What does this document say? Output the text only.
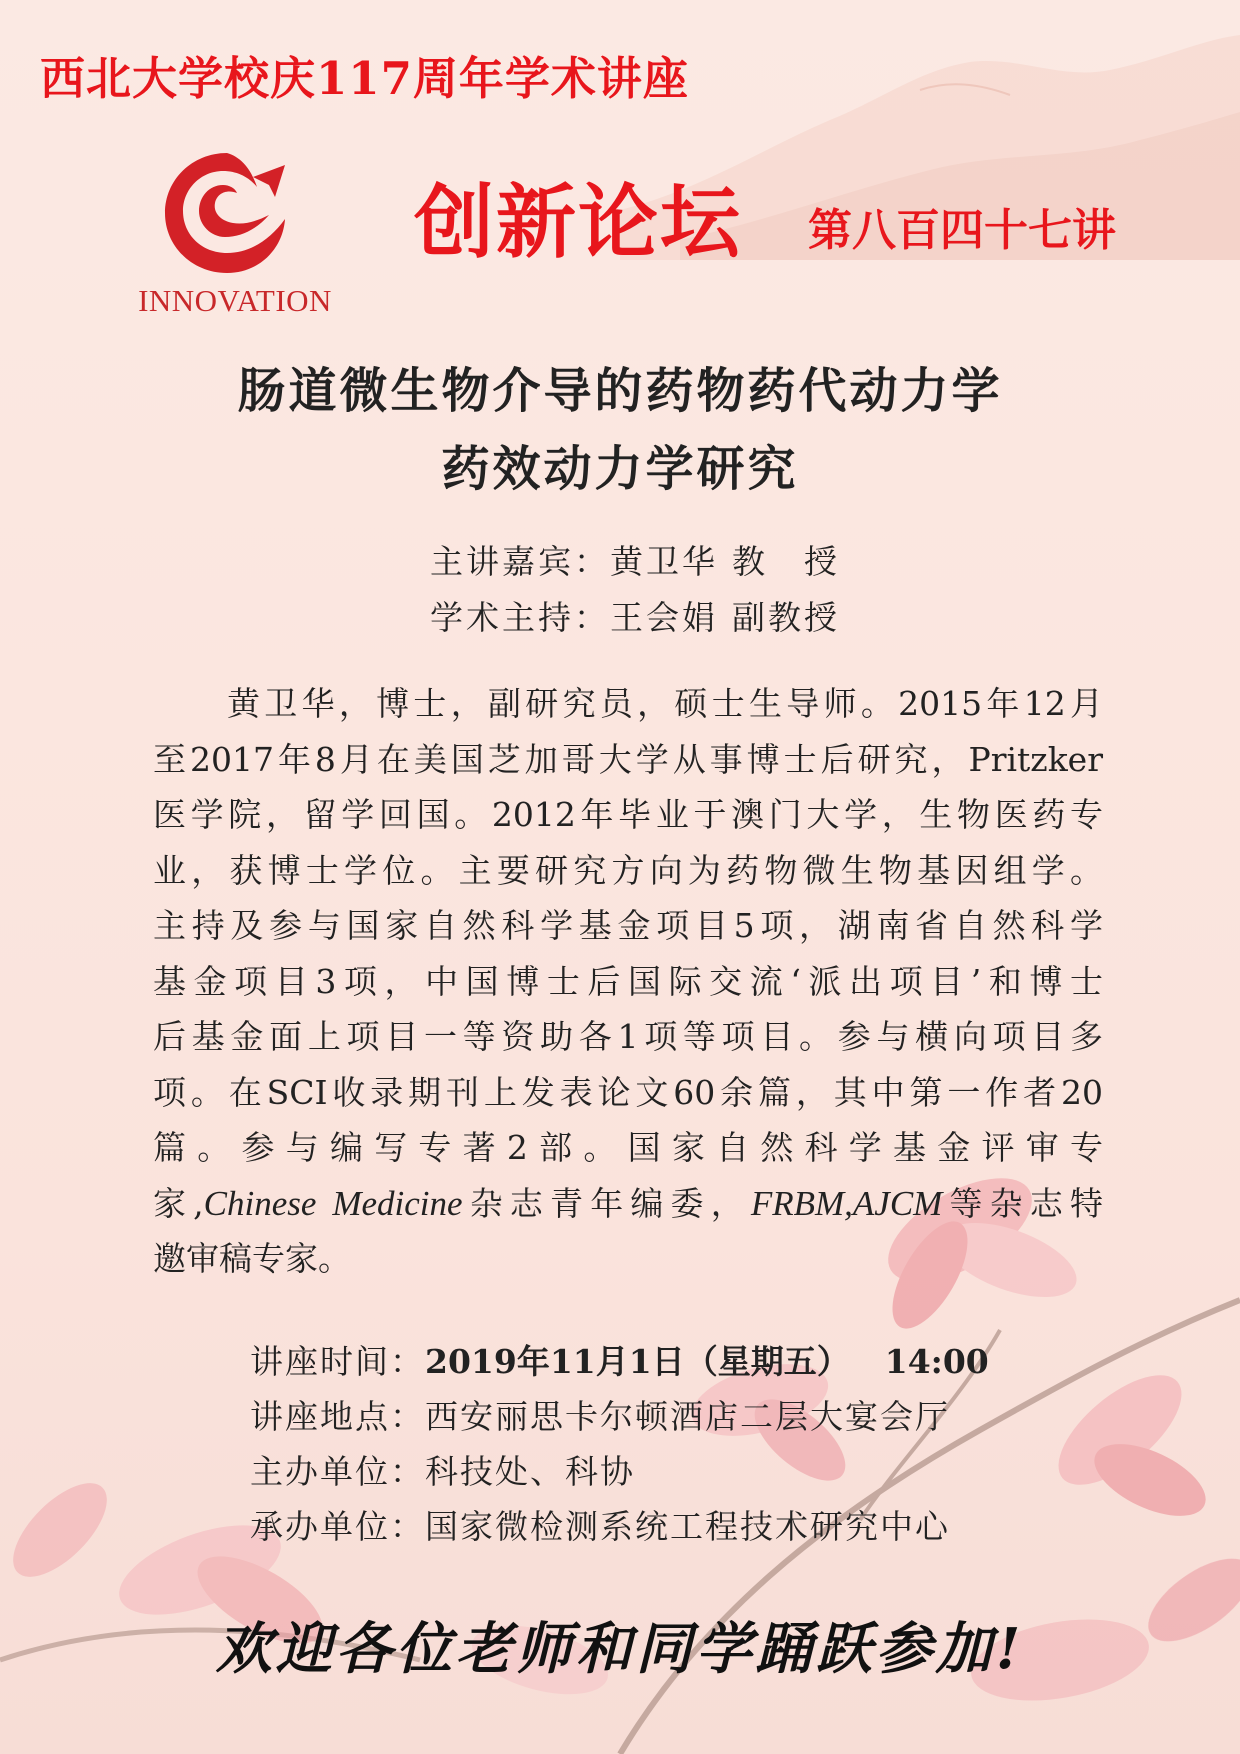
西北大学校庆117周年学术讲座
INNOVATION
创新论坛 第八百四十七讲
肠道微生物介导的药物药代动力学
药效动力学研究
主讲嘉宾：黄卫华 教　授
学术主持：王会娟 副教授
黄卫华，博士，副研究员，硕士生导师。2015年12月
至2017年8月在美国芝加哥大学从事博士后研究，Pritzker
医学院，留学回国。2012年毕业于澳门大学，生物医药专
业，获博士学位。主要研究方向为药物微生物基因组学。
主持及参与国家自然科学基金项目5项，湖南省自然科学
基金项目3项，中国博士后国际交流‘派出项目’和博士
后基金面上项目一等资助各1项等项目。参与横向项目多
项。在SCI收录期刊上发表论文60余篇，其中第一作者20
篇。参与编写专著2部。国家自然科学基金评审专
家,Chinese Medicine杂志青年编委，FRBM,AJCM等杂志特
邀审稿专家。
讲座时间：2019年11月1日（星期五）  14:00
讲座地点：西安丽思卡尔顿酒店二层大宴会厅
主办单位：科技处、科协
承办单位：国家微检测系统工程技术研究中心
欢迎各位老师和同学踊跃参加!
